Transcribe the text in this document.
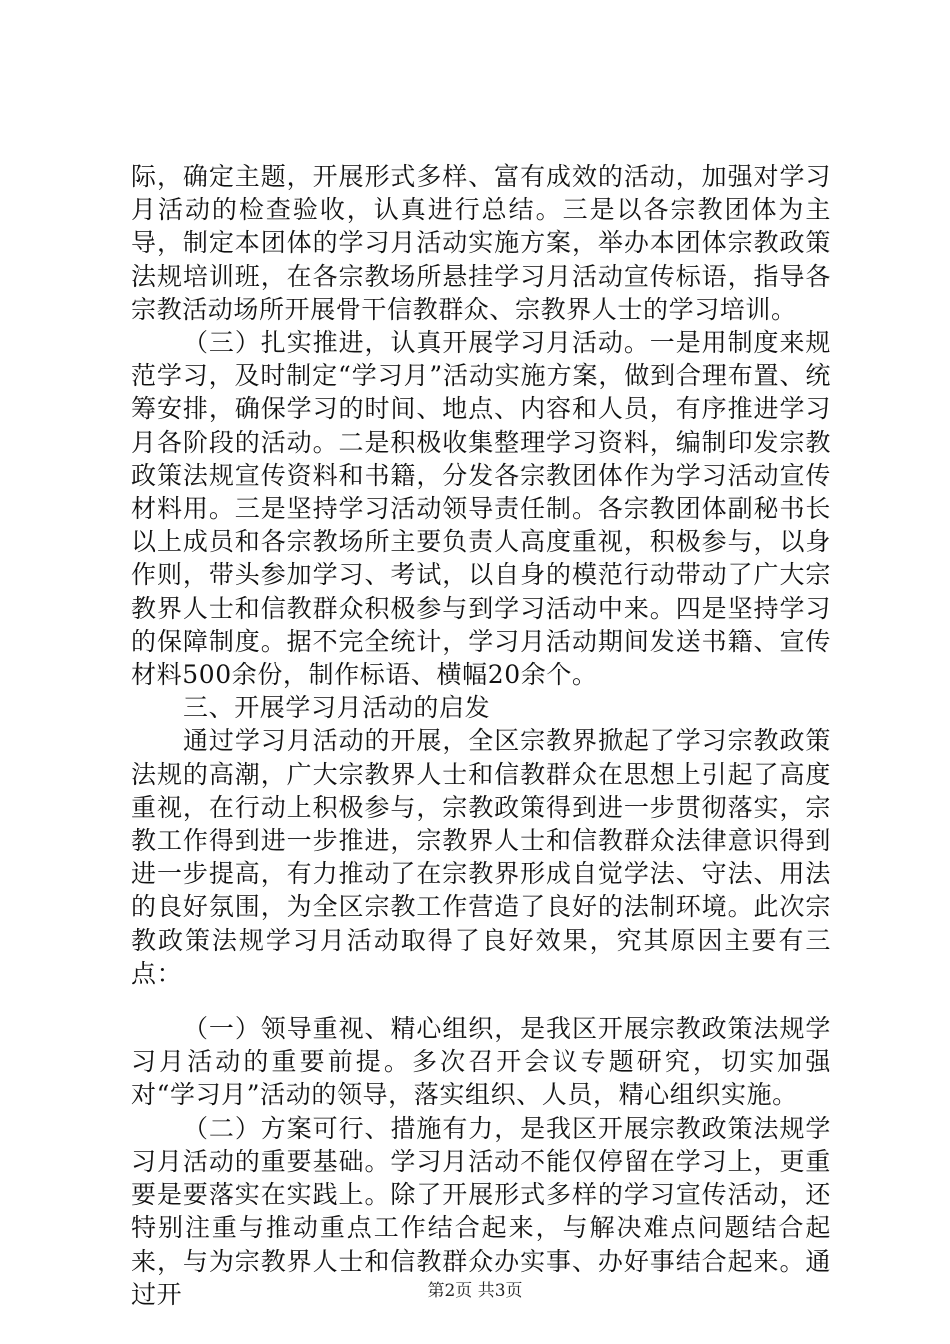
际，确定主题，开展形式多样、富有成效的活动，加强对学习月活动的检查验收，认真进行总结。三是以各宗教团体为主导，制定本团体的学习月活动实施方案，举办本团体宗教政策法规培训班，在各宗教场所悬挂学习月活动宣传标语，指导各宗教活动场所开展骨干信教群众、宗教界人士的学习培训。

（三）扎实推进，认真开展学习月活动。一是用制度来规范学习，及时制定“学习月”活动实施方案，做到合理布置、统筹安排，确保学习的时间、地点、内容和人员，有序推进学习月各阶段的活动。二是积极收集整理学习资料，编制印发宗教政策法规宣传资料和书籍，分发各宗教团体作为学习活动宣传材料用。三是坚持学习活动领导责任制。各宗教团体副秘书长以上成员和各宗教场所主要负责人高度重视，积极参与，以身作则，带头参加学习、考试，以自身的模范行动带动了广大宗教界人士和信教群众积极参与到学习活动中来。四是坚持学习的保障制度。据不完全统计，学习月活动期间发送书籍、宣传材料500余份，制作标语、横幅20余个。

三、开展学习月活动的启发

通过学习月活动的开展，全区宗教界掀起了学习宗教政策法规的高潮，广大宗教界人士和信教群众在思想上引起了高度重视，在行动上积极参与，宗教政策得到进一步贯彻落实，宗教工作得到进一步推进，宗教界人士和信教群众法律意识得到进一步提高，有力推动了在宗教界形成自觉学法、守法、用法的良好氛围，为全区宗教工作营造了良好的法制环境。此次宗教政策法规学习月活动取得了良好效果，究其原因主要有三点：

（一）领导重视、精心组织，是我区开展宗教政策法规学习月活动的重要前提。多次召开会议专题研究，切实加强对“学习月”活动的领导，落实组织、人员，精心组织实施。

（二）方案可行、措施有力，是我区开展宗教政策法规学习月活动的重要基础。学习月活动不能仅停留在学习上，更重要是要落实在实践上。除了开展形式多样的学习宣传活动，还特别注重与推动重点工作结合起来，与解决难点问题结合起来，与为宗教界人士和信教群众办实事、办好事结合起来。通过开	第2页 共3页
